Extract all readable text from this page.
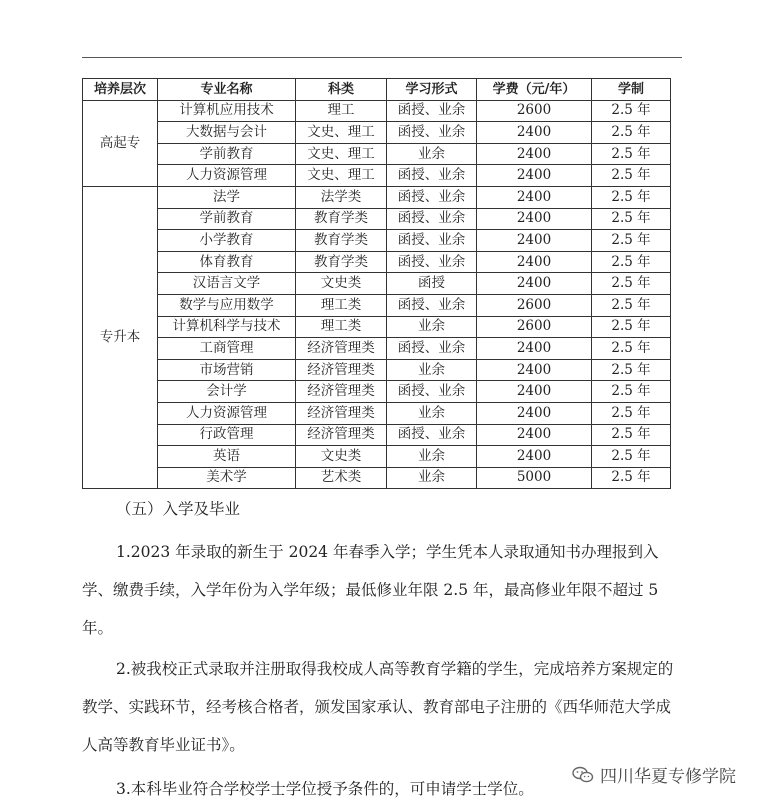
培养层次	专业名称	科类	学习形式	学费（元/年）	学制
高起专	计算机应用技术	理工	函授、业余	2600	2.5 年
	大数据与会计	文史、理工	函授、业余	2400	2.5 年
	学前教育	文史、理工	业余	2400	2.5 年
	人力资源管理	文史、理工	函授、业余	2400	2.5 年
专升本	法学	法学类	函授、业余	2400	2.5 年
	学前教育	教育学类	函授、业余	2400	2.5 年
	小学教育	教育学类	函授、业余	2400	2.5 年
	体育教育	教育学类	函授、业余	2400	2.5 年
	汉语言文学	文史类	函授	2400	2.5 年
	数学与应用数学	理工类	函授、业余	2600	2.5 年
	计算机科学与技术	理工类	业余	2600	2.5 年
	工商管理	经济管理类	函授、业余	2400	2.5 年
	市场营销	经济管理类	业余	2400	2.5 年
	会计学	经济管理类	函授、业余	2400	2.5 年
	人力资源管理	经济管理类	业余	2400	2.5 年
	行政管理	经济管理类	函授、业余	2400	2.5 年
	英语	文史类	业余	2400	2.5 年
	美术学	艺术类	业余	5000	2.5 年

（五）入学及毕业

1.2023 年录取的新生于 2024 年春季入学；学生凭本人录取通知书办理报到入学、缴费手续，入学年份为入学年级；最低修业年限 2.5 年，最高修业年限不超过 5 年。

2.被我校正式录取并注册取得我校成人高等教育学籍的学生，完成培养方案规定的教学、实践环节，经考核合格者，颁发国家承认、教育部电子注册的《西华师范大学成人高等教育毕业证书》。

3.本科毕业符合学校学士学位授予条件的，可申请学士学位。

四川华夏专修学院
